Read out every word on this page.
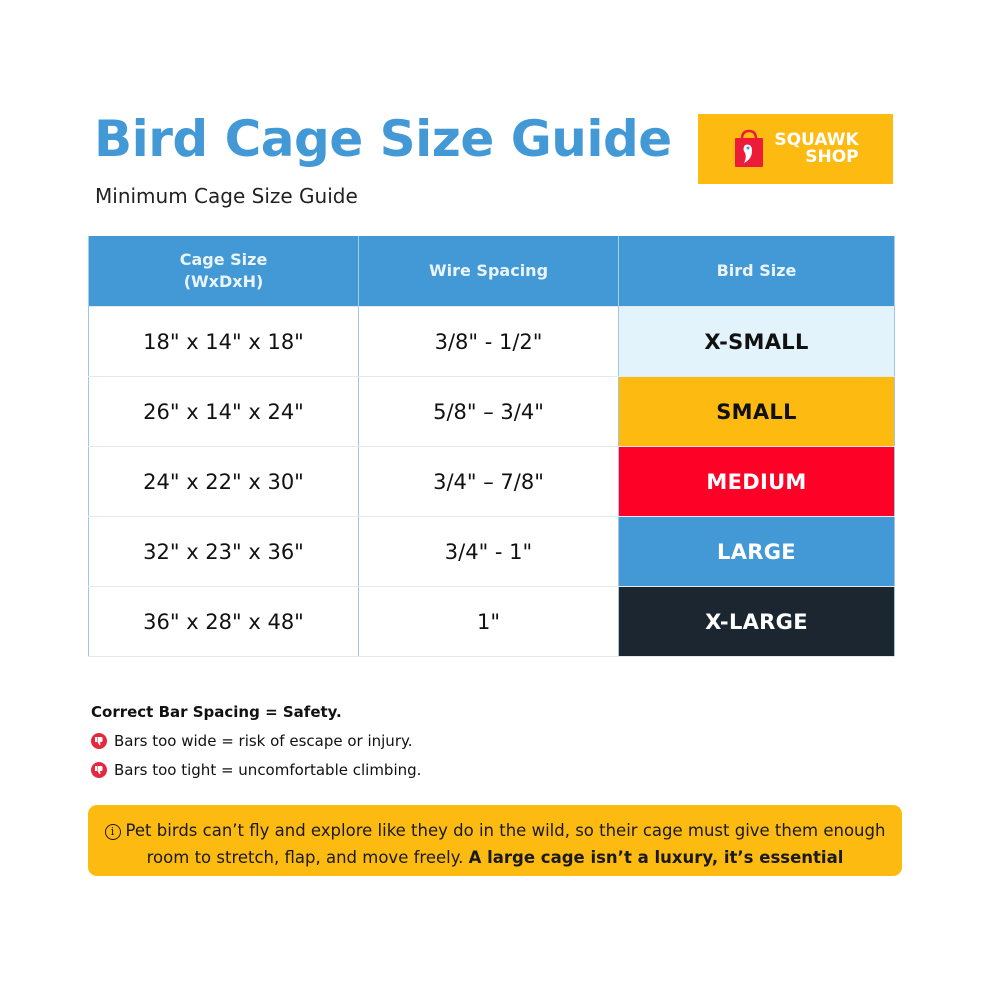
Bird Cage Size Guide

Minimum Cage Size Guide

SQUAWK
SHOP
Cage Size
(WxDxH)	Wire Spacing	Bird Size
18" x 14" x 18"	3/8" - 1/2"	X-SMALL
26" x 14" x 24"	5/8" – 3/4"	SMALL
24" x 22" x 30"	3/4" – 7/8"	MEDIUM
32" x 23" x 36"	3/4" - 1"	LARGE
36" x 28" x 48"	1"	X-LARGE
Correct Bar Spacing = Safety.
Bars too wide = risk of escape or injury.
Bars too tight = uncomfortable climbing.
i Pet birds can’t fly and explore like they do in the wild, so their cage must give them enough room to stretch, flap, and move freely. A large cage isn’t a luxury, it’s essential
